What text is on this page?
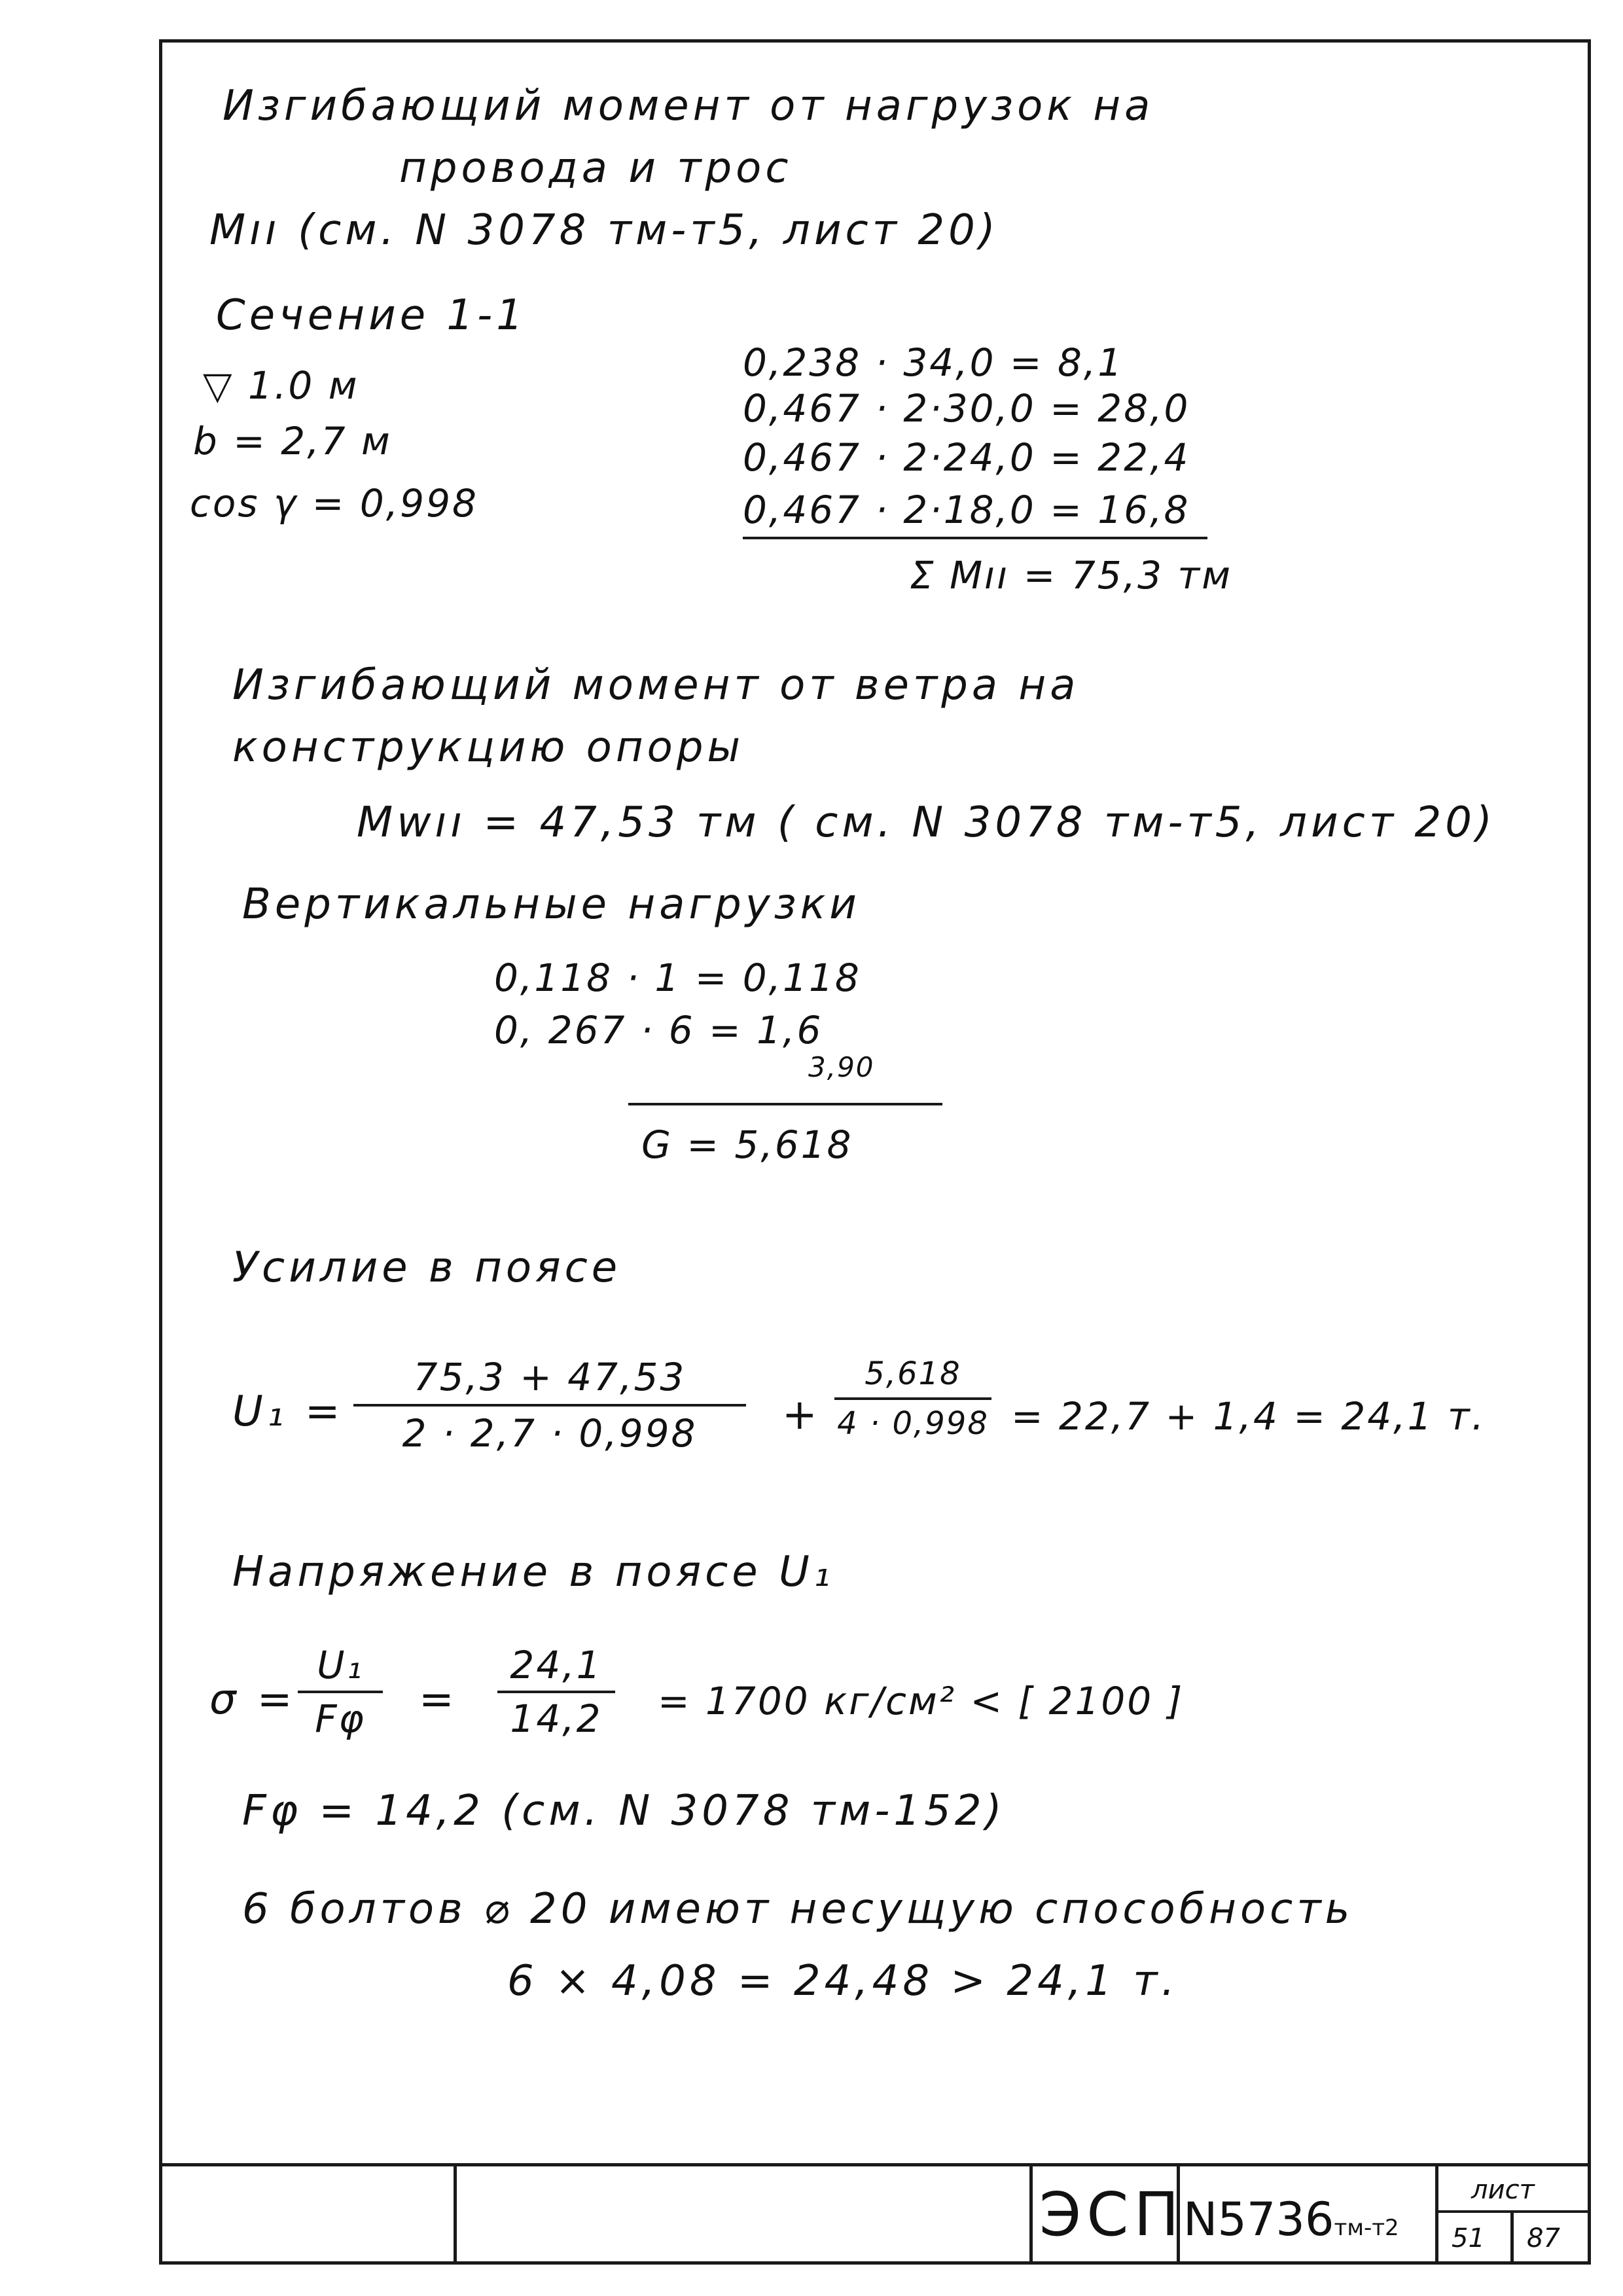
Изгибающий момент от нагрузок на
провода и трос
Мıı (см. N 3078 тм-т5, лист 20)
Сечение 1-1
▽ 1.0 м
b = 2,7 м
cos γ = 0,998
0,238 · 34,0 = 8,1
0,467 · 2·30,0 = 28,0
0,467 · 2·24,0 = 22,4
0,467 · 2·18,0 = 16,8
Σ Мıı = 75,3 тм
Изгибающий момент от ветра на
конструкцию опоры
Мwıı = 47,53 тм ( см. N 3078 тм-т5, лист 20)
Вертикальные нагрузки
0,118 · 1 = 0,118
0, 267 · 6 = 1,6
3,90
G = 5,618
Усилие в поясе
U₁ =
75,3 + 47,53
2 · 2,7 · 0,998	+
5,618
4 · 0,998 = 22,7 + 1,4 = 24,1 т.
Напряжение в поясе U₁
σ =
U₁
Fφ	=
24,1
14,2	= 1700 кг/см² < [ 2100 ]
Fφ = 14,2 (см. N 3078 тм-152)
6 болтов ⌀ 20 имеют несущую способность
6 × 4,08 = 24,48 > 24,1 т.
ЭСП
N5736тм-т2
лист
51 87
